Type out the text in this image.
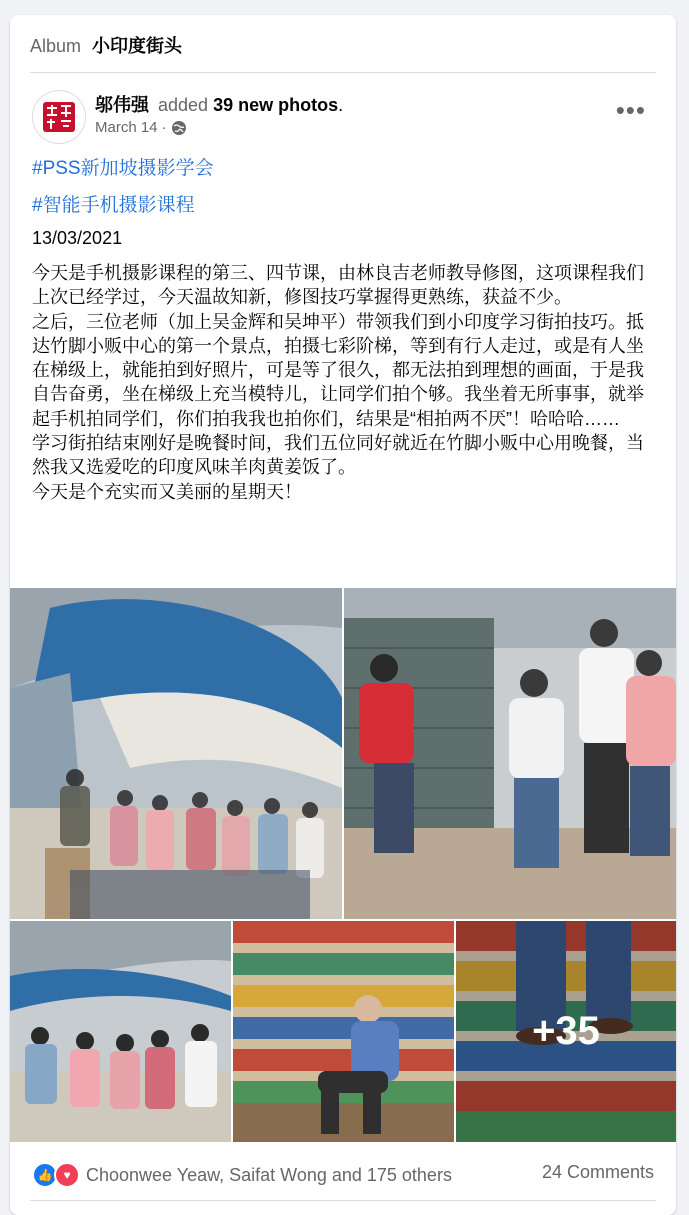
Album 小印度街头
邬伟强 added 39 new photos.
March 14 ·
•••
#PSS新加坡摄影学会
#智能手机摄影课程
13/03/2021
今天是手机摄影课程的第三、四节课，由林良吉老师教导修图，这项课程我们上次已经学过，今天温故知新，修图技巧掌握得更熟练，获益不少。
之后，三位老师（加上吴金辉和吴坤平）带领我们到小印度学习街拍技巧。抵达竹脚小贩中心的第一个景点，拍摄七彩阶梯，等到有行人走过，或是有人坐在梯级上，就能拍到好照片，可是等了很久，都无法拍到理想的画面，于是我自告奋勇，坐在梯级上充当模特儿，让同学们拍个够。我坐着无所事事，就举起手机拍同学们，你们拍我我也拍你们，结果是“相拍两不厌”！哈哈哈……
学习街拍结束刚好是晚餐时间，我们五位同好就近在竹脚小贩中心用晚餐，当然我又选爱吃的印度风味羊肉黄姜饭了。
今天是个充实而又美丽的星期天！
+35
👍 ♥ Choonwee Yeaw, Saifat Wong and 175 others	24 Comments
